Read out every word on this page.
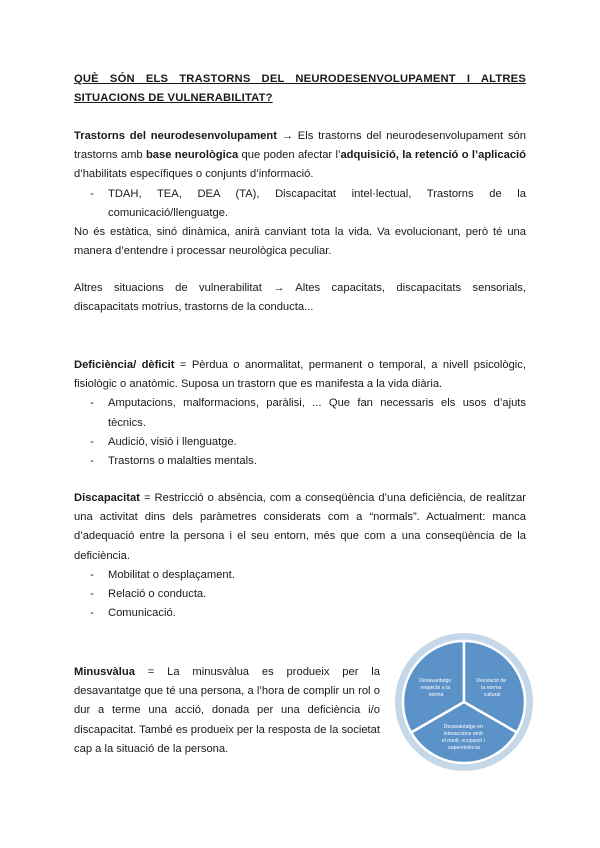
QUÈ SÓN ELS TRASTORNS DEL NEURODESENVOLUPAMENT I ALTRES SITUACIONS DE VULNERABILITAT?

Trastorns del neurodesenvolupament → Els trastorns del neurodesenvolupament són trastorns amb base neurològica que poden afectar l’adquisició, la retenció o l’aplicació d’habilitats específiques o conjunts d’informació.

- TDAH, TEA, DEA (TA), Discapacitat intel·lectual, Trastorns de la comunicació/llenguatge.

No és estàtica, sinó dinàmica, anirà canviant tota la vida. Va evolucionant, però té una manera d’entendre i processar neurològica peculiar.

Altres situacions de vulnerabilitat → Altes capacitats, discapacitats sensorials, discapacitats motrius, trastorns de la conducta...

Deficiència/ dèficit = Pèrdua o anormalitat, permanent o temporal, a nivell psicològic, fisiològic o anatòmic. Suposa un trastorn que es manifesta a la vida diària.

- Amputacions, malformacions, paràlisi, ... Que fan necessaris els usos d’ajuts tècnics.
- Audició, visió i llenguatge.
- Trastorns o malalties mentals.

Discapacitat = Restricció o absència, com a conseqüència d’una deficiència, de realitzar una activitat dins dels paràmetres considerats com a “normals”. Actualment: manca d’adequació entre la persona i el seu entorn, més que com a una conseqüència de la deficiència.

- Mobilitat o desplaçament.
- Relació o conducta.
- Comunicació.

Minusvàlua = La minusvàlua es produeix per la desavantatge que té una persona, a l’hora de complir un rol o dur a terme una acció, donada per una deficiència i/o discapacitat. També es produeix per la resposta de la societat cap a la situació de la persona.

Desavantatge respecte a la norma
Desviació de la norma cultural
Desavantatge en interaccions amb el medi, ocupació i supervivència
